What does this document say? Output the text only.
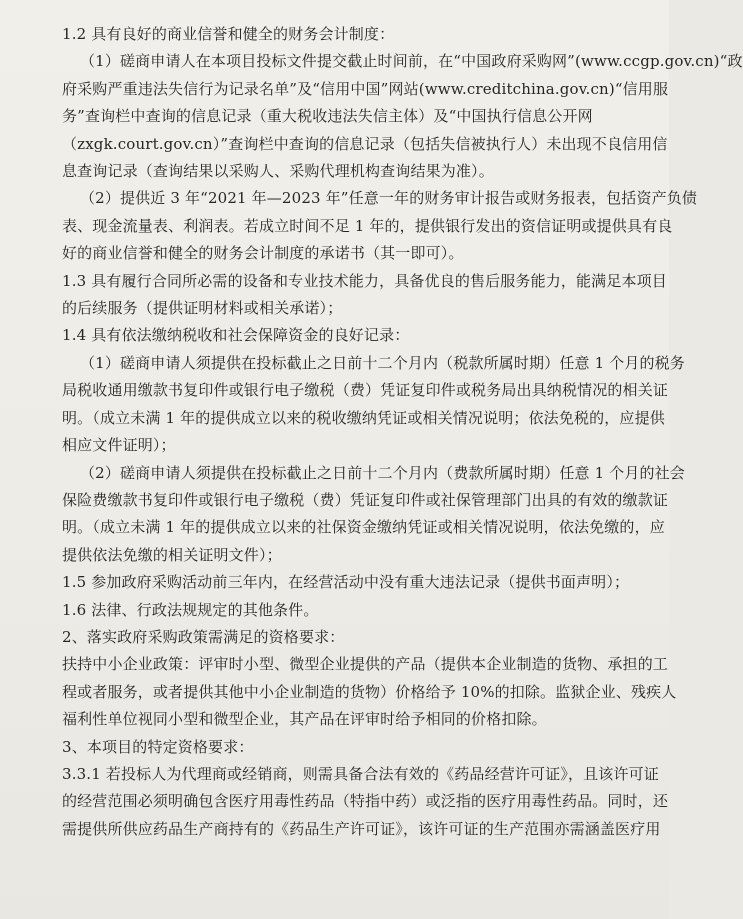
1.2 具有良好的商业信誉和健全的财务会计制度：

（1）磋商申请人在本项目投标文件提交截止时间前，在“中国政府采购网”(www.ccgp.gov.cn)“政

府采购严重违法失信行为记录名单”及“信用中国”网站(www.creditchina.gov.cn)“信用服

务”查询栏中查询的信息记录（重大税收违法失信主体）及“中国执行信息公开网

（zxgk.court.gov.cn）”查询栏中查询的信息记录（包括失信被执行人）未出现不良信用信

息查询记录（查询结果以采购人、采购代理机构查询结果为准）。

（2）提供近 3 年“2021 年—2023 年”任意一年的财务审计报告或财务报表，包括资产负债

表、现金流量表、利润表。若成立时间不足 1 年的，提供银行发出的资信证明或提供具有良

好的商业信誉和健全的财务会计制度的承诺书（其一即可）。

1.3 具有履行合同所必需的设备和专业技术能力，具备优良的售后服务能力，能满足本项目

的后续服务（提供证明材料或相关承诺）；

1.4 具有依法缴纳税收和社会保障资金的良好记录：

（1）磋商申请人须提供在投标截止之日前十二个月内（税款所属时期）任意 1 个月的税务

局税收通用缴款书复印件或银行电子缴税（费）凭证复印件或税务局出具纳税情况的相关证

明。（成立未满 1 年的提供成立以来的税收缴纳凭证或相关情况说明；依法免税的，应提供

相应文件证明）；

（2）磋商申请人须提供在投标截止之日前十二个月内（费款所属时期）任意 1 个月的社会

保险费缴款书复印件或银行电子缴税（费）凭证复印件或社保管理部门出具的有效的缴款证

明。（成立未满 1 年的提供成立以来的社保资金缴纳凭证或相关情况说明，依法免缴的，应

提供依法免缴的相关证明文件）；

1.5 参加政府采购活动前三年内，在经营活动中没有重大违法记录（提供书面声明）；

1.6 法律、行政法规规定的其他条件。

2、落实政府采购政策需满足的资格要求：

扶持中小企业政策：评审时小型、微型企业提供的产品（提供本企业制造的货物、承担的工

程或者服务，或者提供其他中小企业制造的货物）价格给予 10%的扣除。监狱企业、残疾人

福利性单位视同小型和微型企业，其产品在评审时给予相同的价格扣除。

3、本项目的特定资格要求：

3.3.1 若投标人为代理商或经销商，则需具备合法有效的《药品经营许可证》，且该许可证

的经营范围必须明确包含医疗用毒性药品（特指中药）或泛指的医疗用毒性药品。同时，还

需提供所供应药品生产商持有的《药品生产许可证》，该许可证的生产范围亦需涵盖医疗用
